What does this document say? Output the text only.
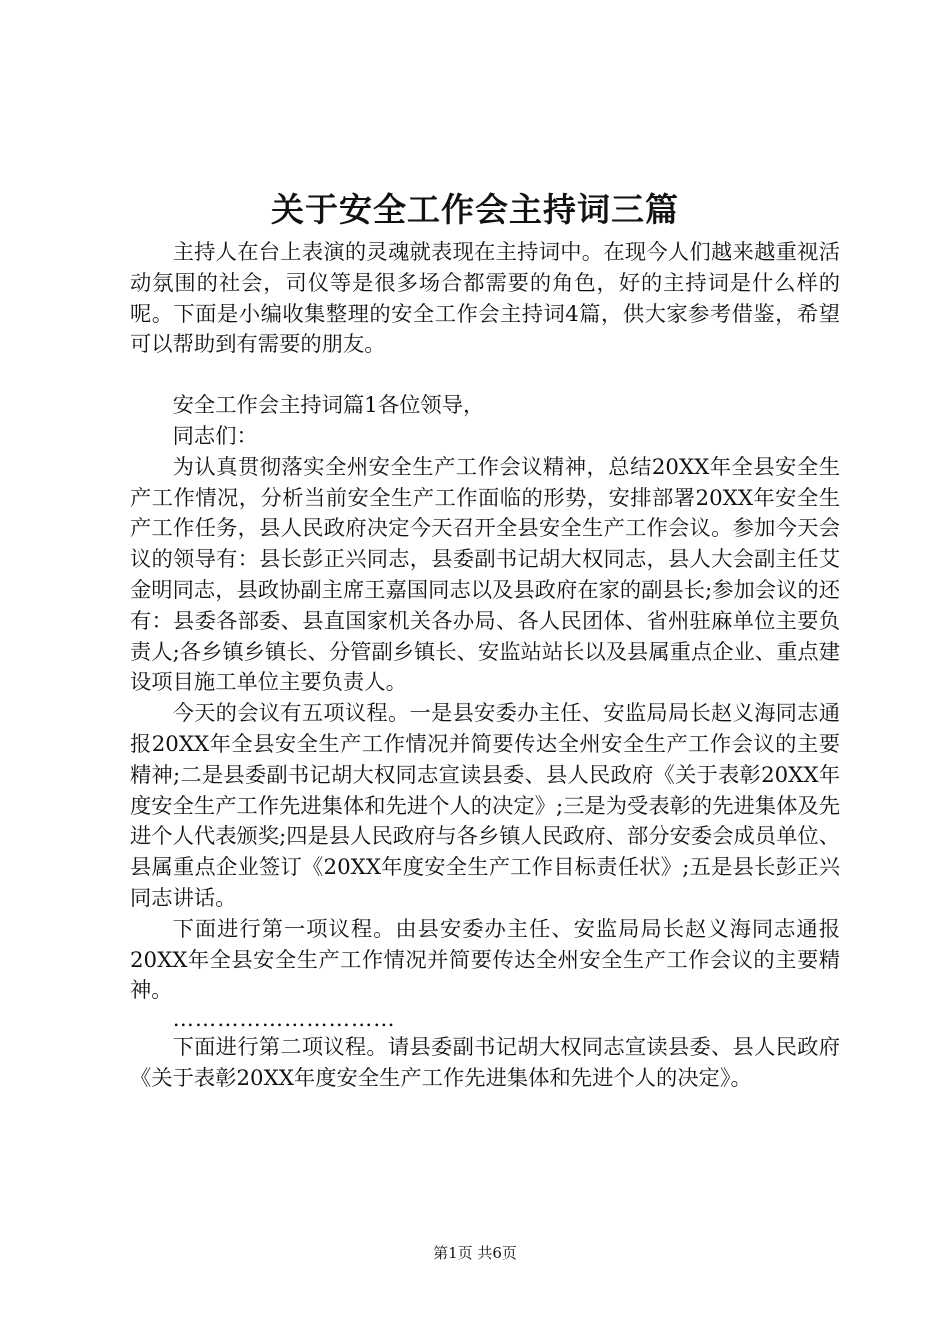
关于安全工作会主持词三篇

主持人在台上表演的灵魂就表现在主持词中。在现今人们越来越重视活动氛围的社会，司仪等是很多场合都需要的角色，好的主持词是什么样的呢。下面是小编收集整理的安全工作会主持词4篇，供大家参考借鉴，希望可以帮助到有需要的朋友。

安全工作会主持词篇1各位领导，

同志们：

为认真贯彻落实全州安全生产工作会议精神，总结20XX年全县安全生产工作情况，分析当前安全生产工作面临的形势，安排部署20XX年安全生产工作任务，县人民政府决定今天召开全县安全生产工作会议。参加今天会议的领导有：县长彭正兴同志，县委副书记胡大权同志，县人大会副主任艾金明同志，县政协副主席王嘉国同志以及县政府在家的副县长;参加会议的还有：县委各部委、县直国家机关各办局、各人民团体、省州驻麻单位主要负责人;各乡镇乡镇长、分管副乡镇长、安监站站长以及县属重点企业、重点建设项目施工单位主要负责人。

今天的会议有五项议程。一是县安委办主任、安监局局长赵义海同志通报20XX年全县安全生产工作情况并简要传达全州安全生产工作会议的主要精神;二是县委副书记胡大权同志宣读县委、县人民政府《关于表彰20XX年度安全生产工作先进集体和先进个人的决定》;三是为受表彰的先进集体及先进个人代表颁奖;四是县人民政府与各乡镇人民政府、部分安委会成员单位、县属重点企业签订《20XX年度安全生产工作目标责任状》;五是县长彭正兴同志讲话。

下面进行第一项议程。由县安委办主任、安监局局长赵义海同志通报20XX年全县安全生产工作情况并简要传达全州安全生产工作会议的主要精神。

…………………………

下面进行第二项议程。请县委副书记胡大权同志宣读县委、县人民政府《关于表彰20XX年度安全生产工作先进集体和先进个人的决定》。

第1页 共6页
